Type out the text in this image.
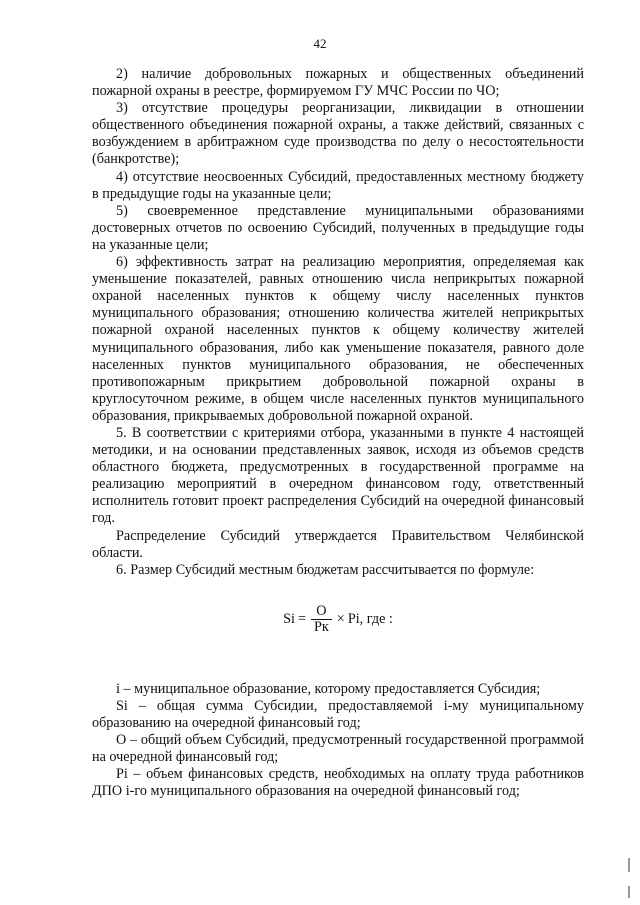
42

2) наличие добровольных пожарных и общественных объединений пожарной охраны в реестре, формируемом ГУ МЧС России по ЧО;

3) отсутствие процедуры реорганизации, ликвидации в отношении общественного объединения пожарной охраны, а также действий, связанных с возбуждением в арбитражном суде производства по делу о несостоятельности (банкротстве);

4) отсутствие неосвоенных Субсидий, предоставленных местному бюджету в предыдущие годы на указанные цели;

5) своевременное представление муниципальными образованиями достоверных отчетов по освоению Субсидий, полученных в предыдущие годы на указанные цели;

6) эффективность затрат на реализацию мероприятия, определяемая как уменьшение показателей, равных отношению числа неприкрытых пожарной охраной населенных пунктов к общему числу населенных пунктов муниципального образования; отношению количества жителей неприкрытых пожарной охраной населенных пунктов к общему количеству жителей муниципального образования, либо как уменьшение показателя, равного доле населенных пунктов муниципального образования, не обеспеченных противопожарным прикрытием добровольной пожарной охраны в круглосуточном режиме, в общем числе населенных пунктов муниципального образования, прикрываемых добровольной пожарной охраной.

5. В соответствии с критериями отбора, указанными в пункте 4 настоящей методики, и на основании представленных заявок, исходя из объемов средств областного бюджета, предусмотренных в государственной программе на реализацию мероприятий в очередном финансовом году, ответственный исполнитель готовит проект распределения Субсидий на очередной финансовый год.

Распределение Субсидий утверждается Правительством Челябинской области.

6. Размер Субсидий местным бюджетам рассчитывается по формуле:

$Si = \frac{O}{Рк} \times Pi$, где :

i – муниципальное образование, которому предоставляется Субсидия;

Si – общая сумма Субсидии, предоставляемой i-му муниципальному образованию на очередной финансовый год;

O – общий объем Субсидий, предусмотренный государственной программой на очередной финансовый год;

Pi – объем финансовых средств, необходимых на оплату труда работников ДПО i-го муниципального образования на очередной финансовый год;
